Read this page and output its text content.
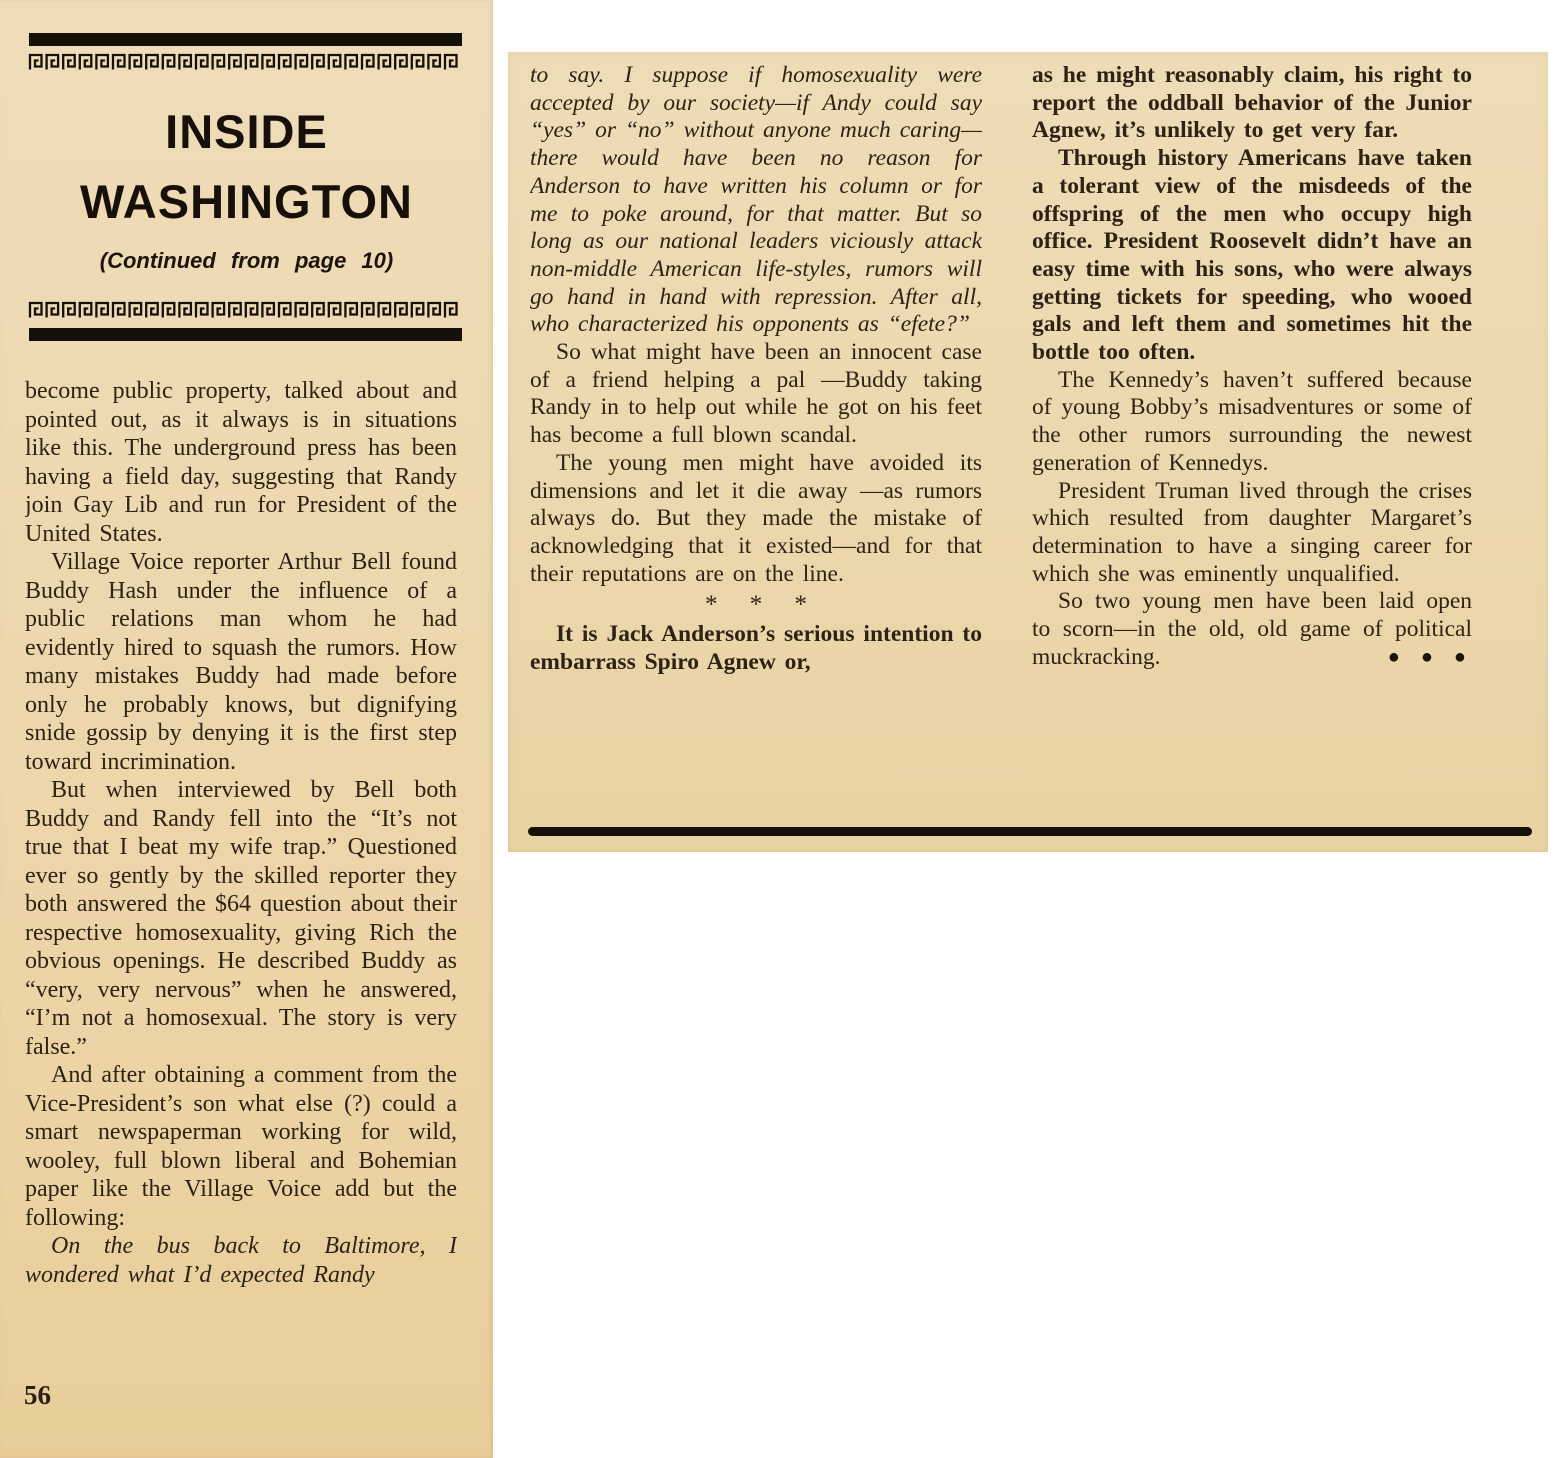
INSIDE
WASHINGTON
(Continued from page 10)

become public property, talked about and pointed out, as it always is in situations like this. The underground press has been having a field day, suggesting that Randy join Gay Lib and run for President of the United States.

Village Voice reporter Arthur Bell found Buddy Hash under the influence of a public relations man whom he had evidently hired to squash the rumors. How many mistakes Buddy had made before only he probably knows, but dignifying snide gossip by denying it is the first step toward incrimination.

But when interviewed by Bell both Buddy and Randy fell into the “It’s not true that I beat my wife trap.” Questioned ever so gently by the skilled reporter they both answered the $64 question about their respective homosexuality, giving Rich the obvious openings. He described Buddy as “very, very nervous” when he answered, “I’m not a homosexual. The story is very false.”

And after obtaining a comment from the Vice-President’s son what else (?) could a smart newspaperman working for wild, wooley, full blown liberal and Bohemian paper like the Village Voice add but the following:

On the bus back to Baltimore, I wondered what I’d expected Randy

56

to say. I suppose if homosexuality were accepted by our society—if Andy could say “yes” or “no” without anyone much caring—there would have been no reason for Anderson to have written his column or for me to poke around, for that matter. But so long as our national leaders viciously attack non-middle American life-styles, rumors will go hand in hand with repression. After all, who characterized his opponents as “efete?”

So what might have been an innocent case of a friend helping a pal —Buddy taking Randy in to help out while he got on his feet has become a full blown scandal.

The young men might have avoided its dimensions and let it die away —as rumors always do. But they made the mistake of acknowledging that it existed—and for that their reputations are on the line.

* * *

It is Jack Anderson’s serious intention to embarrass Spiro Agnew or,

as he might reasonably claim, his right to report the oddball behavior of the Junior Agnew, it’s unlikely to get very far.

Through history Americans have taken a tolerant view of the misdeeds of the offspring of the men who occupy high office. President Roosevelt didn’t have an easy time with his sons, who were always getting tickets for speeding, who wooed gals and left them and sometimes hit the bottle too often.

The Kennedy’s haven’t suffered because of young Bobby’s misadventures or some of the other rumors surrounding the newest generation of Kennedys.

President Truman lived through the crises which resulted from daughter Margaret’s determination to have a singing career for which she was eminently unqualified.

So two young men have been laid open to scorn—in the old, old game of political muckracking.	● ● ●
